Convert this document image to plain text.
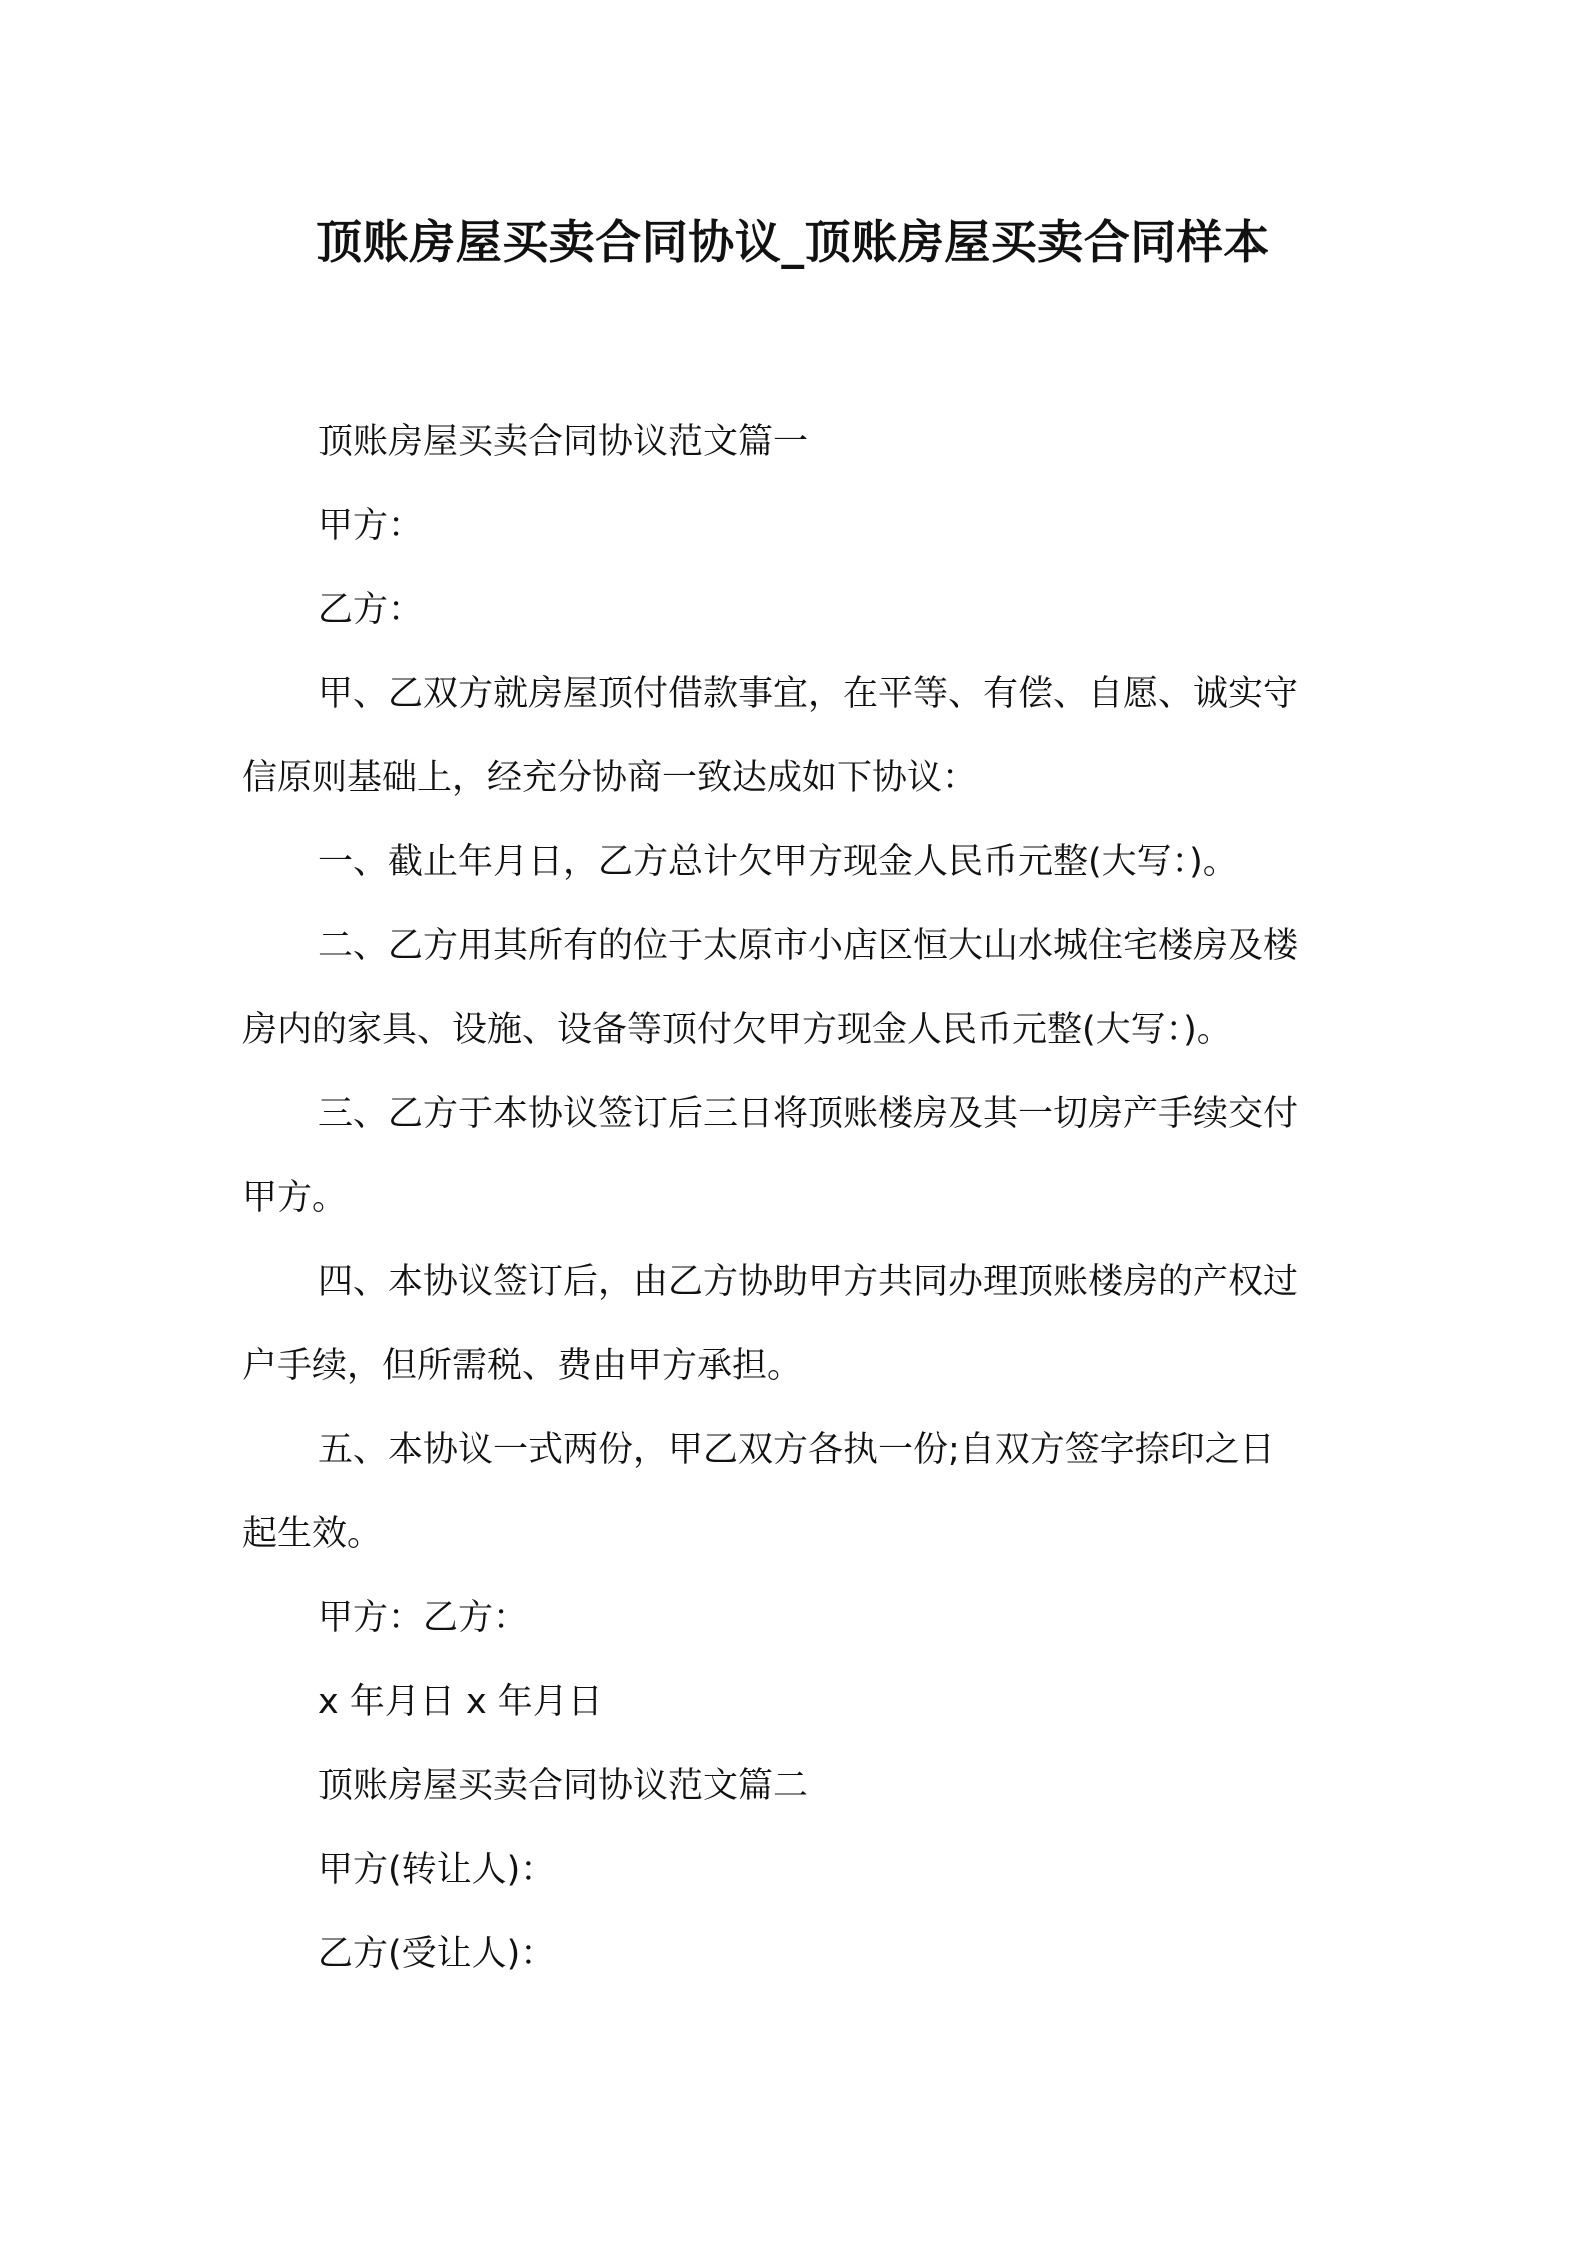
顶账房屋买卖合同协议_顶账房屋买卖合同样本
顶账房屋买卖合同协议范文篇一
甲方：
乙方：
甲、乙双方就房屋顶付借款事宜，在平等、有偿、自愿、诚实守
信原则基础上，经充分协商一致达成如下协议：
一、截止年月日，乙方总计欠甲方现金人民币元整(大写：)。
二、乙方用其所有的位于太原市小店区恒大山水城住宅楼房及楼
房内的家具、设施、设备等顶付欠甲方现金人民币元整(大写：)。
三、乙方于本协议签订后三日将顶账楼房及其一切房产手续交付
甲方。
四、本协议签订后，由乙方协助甲方共同办理顶账楼房的产权过
户手续，但所需税、费由甲方承担。
五、本协议一式两份，甲乙双方各执一份;自双方签字捺印之日
起生效。
甲方：乙方：
x 年月日 x 年月日
顶账房屋买卖合同协议范文篇二
甲方(转让人)：
乙方(受让人)：
